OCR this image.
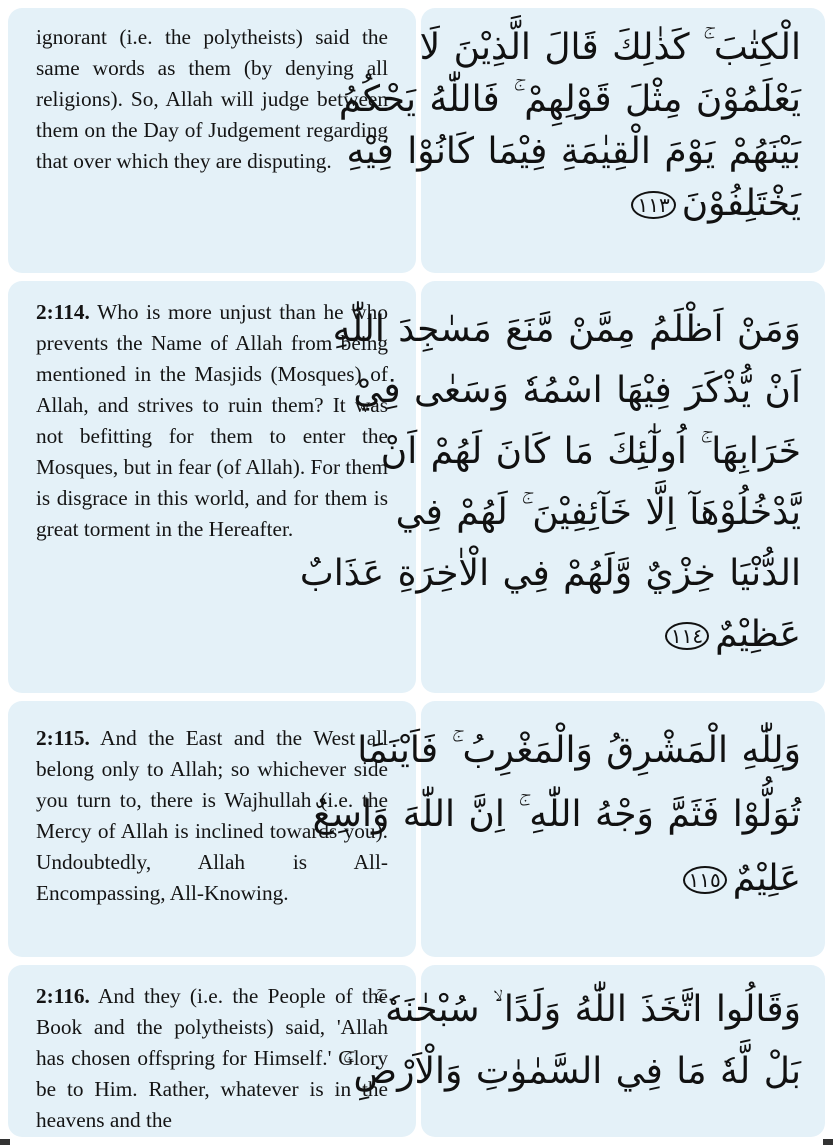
ignorant (i.e. the polytheists) said the same words as them (by denying all religions). So, Allah will judge between them on the Day of Judgement regarding that over which they are disputing.
الْكِتٰبَ ۚ كَذٰلِكَ قَالَ الَّذِيْنَ لَا
يَعْلَمُوْنَ مِثْلَ قَوْلِهِمْ ۚ فَاللّٰهُ يَحْكُمُ
بَيْنَهُمْ يَوْمَ الْقِيٰمَةِ فِيْمَا كَانُوْا فِيْهِ
يَخْتَلِفُوْنَ١١٣
2:114. Who is more unjust than he who prevents the Name of Allah from being mentioned in the Masjids (Mosques) of Allah, and strives to ruin them? It was not befitting for them to enter the Mosques, but in fear (of Allah). For them is disgrace in this world, and for them is great torment in the Hereafter.
وَمَنْ اَظْلَمُ مِمَّنْ مَّنَعَ مَسٰجِدَ اللّٰهِ
اَنْ يُّذْكَرَ فِيْهَا اسْمُهٗ وَسَعٰى فِيْ
خَرَابِهَا ۚ اُولٰٓئِكَ مَا كَانَ لَهُمْ اَنْ
يَّدْخُلُوْهَآ اِلَّا خَآئِفِيْنَ ۚ لَهُمْ فِي
الدُّنْيَا خِزْيٌ وَّلَهُمْ فِي الْاٰخِرَةِ عَذَابٌ
عَظِيْمٌ١١٤
2:115. And the East and the West all belong only to Allah; so whichever side you turn to, there is Wajhullah (i.e. the Mercy of Allah is inclined towards you). Undoubtedly, Allah is All-Encompassing, All-Knowing.
وَلِلّٰهِ الْمَشْرِقُ وَالْمَغْرِبُ ۚ فَاَيْنَمَا
تُوَلُّوْا فَثَمَّ وَجْهُ اللّٰهِ ۚ اِنَّ اللّٰهَ وَاسِعٌ
عَلِيْمٌ١١٥
2:116. And they (i.e. the People of the Book and the polytheists) said, 'Allah has chosen offspring for Himself.' Glory be to Him. Rather, whatever is in the heavens and the
وَقَالُوا اتَّخَذَ اللّٰهُ وَلَدًا ۙ سُبْحٰنَهٗ ۚ
بَلْ لَّهٗ مَا فِي السَّمٰوٰتِ وَالْاَرْضِ ۚ
